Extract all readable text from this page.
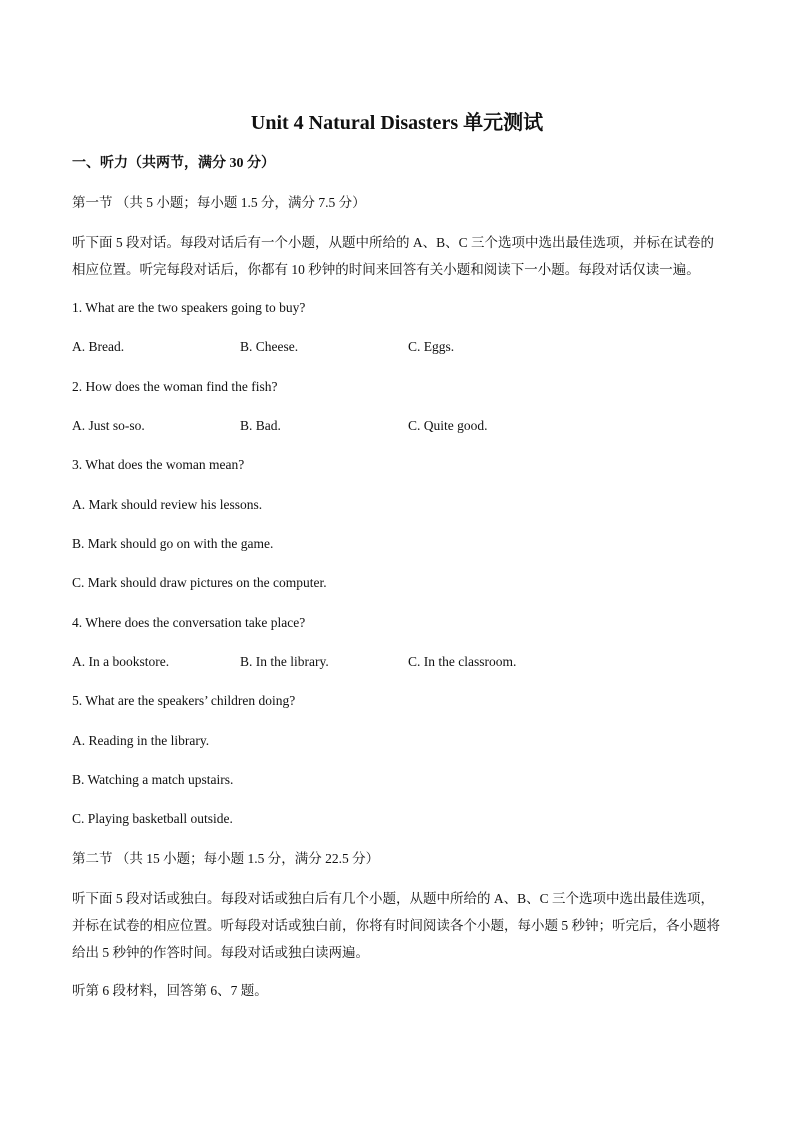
Unit 4 Natural Disasters 单元测试
一、听力（共两节，满分 30 分）
第一节 （共 5 小题；每小题 1.5 分，满分 7.5 分）
听下面 5 段对话。每段对话后有一个小题，从题中所给的 A、B、C 三个选项中选出最佳选项，并标在试卷的相应位置。听完每段对话后，你都有 10 秒钟的时间来回答有关小题和阅读下一小题。每段对话仅读一遍。
1. What are the two speakers going to buy?
A. Bread.	B. Cheese.	C. Eggs.
2. How does the woman find the fish?
A. Just so-so.	B. Bad.	C. Quite good.
3. What does the woman mean?
A. Mark should review his lessons.
B. Mark should go on with the game.
C. Mark should draw pictures on the computer.
4. Where does the conversation take place?
A. In a bookstore.	B. In the library.	C. In the classroom.
5. What are the speakers’ children doing?
A. Reading in the library.
B. Watching a match upstairs.
C. Playing basketball outside.
第二节 （共 15 小题；每小题 1.5 分，满分 22.5 分）
听下面 5 段对话或独白。每段对话或独白后有几个小题，从题中所给的 A、B、C 三个选项中选出最佳选项，并标在试卷的相应位置。听每段对话或独白前，你将有时间阅读各个小题，每小题 5 秒钟；听完后，各小题将给出 5 秒钟的作答时间。每段对话或独白读两遍。
听第 6 段材料，回答第 6、7 题。
